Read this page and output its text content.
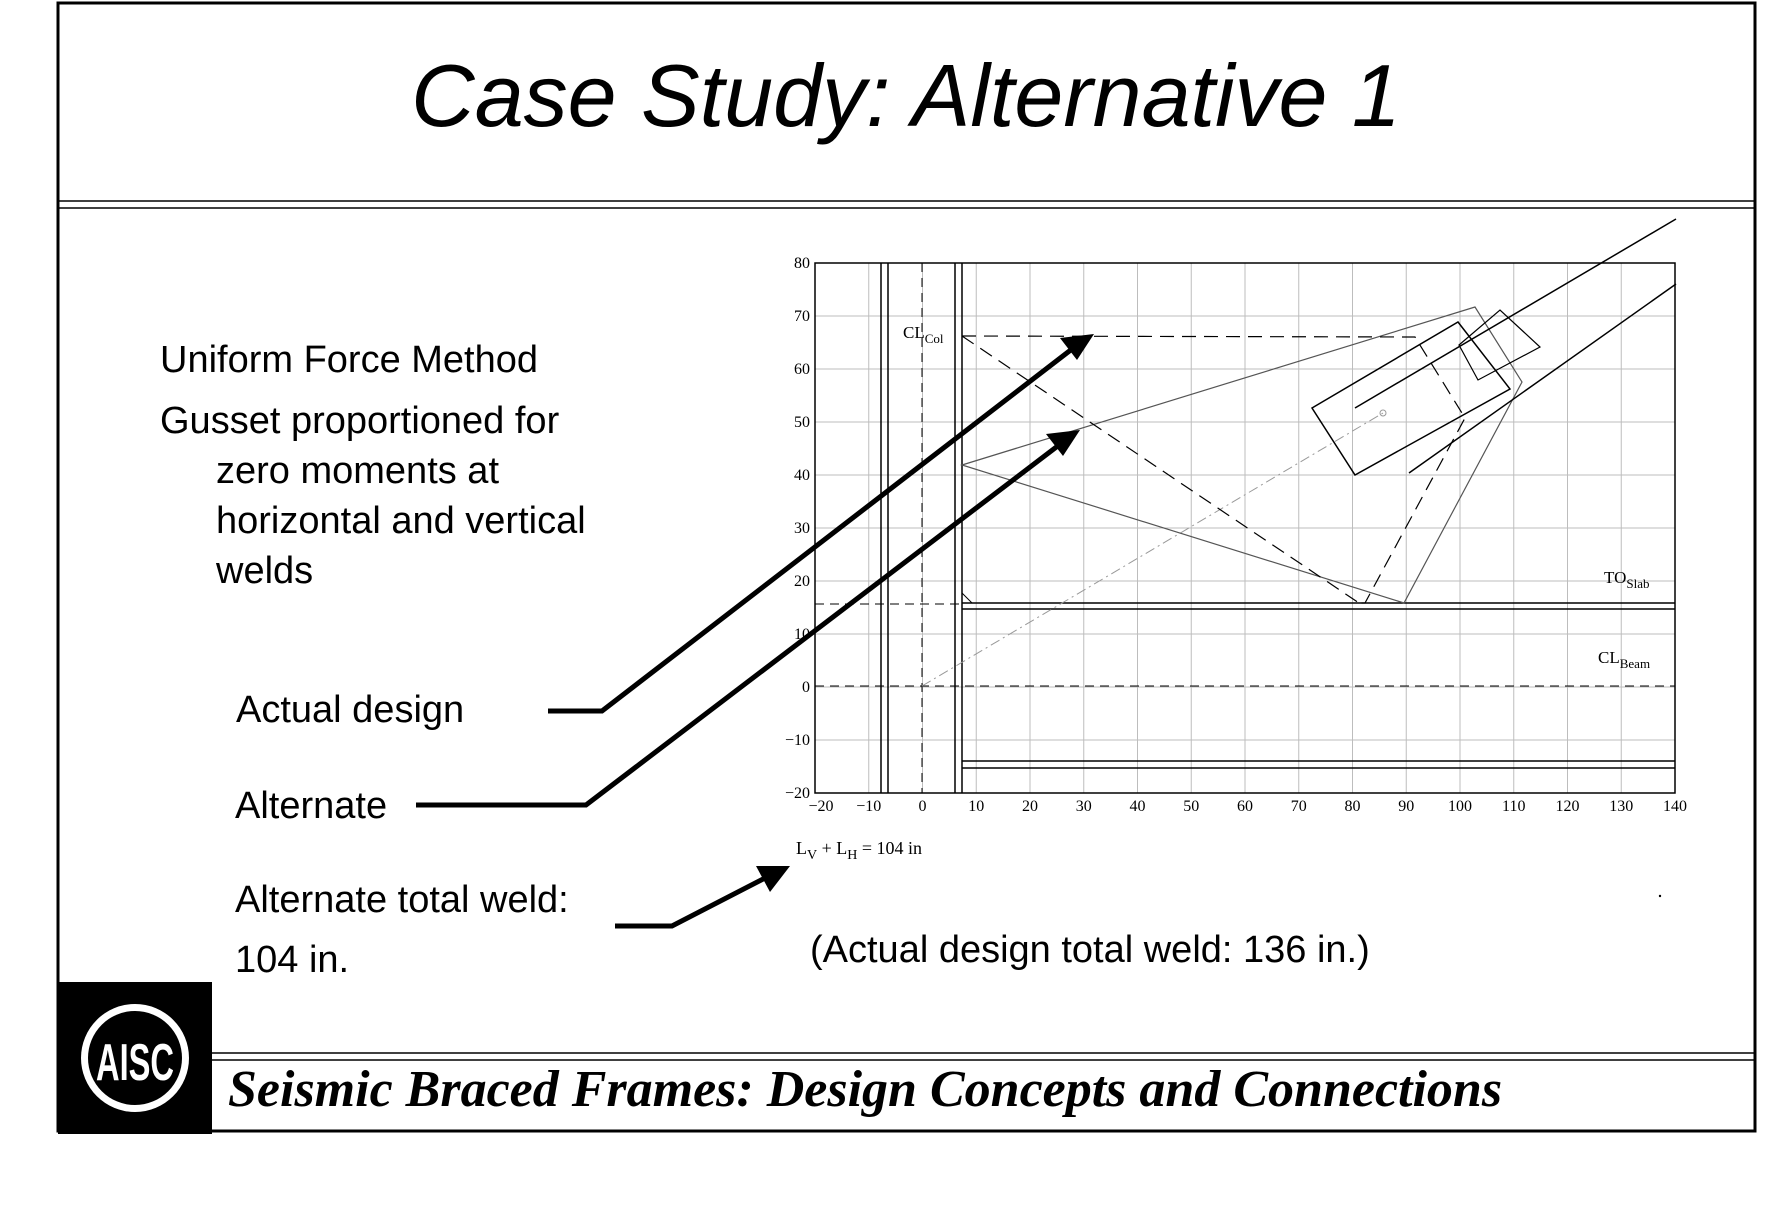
Case Study: Alternative 1
Uniform Force Method
Gusset proportioned for
zero moments at
horizontal and vertical
welds
Actual design
Alternate
Alternate total weld:
104 in.	(Actual design total weld: 136 in.)
−20 −10 0	10 20 30 40 50 60 70 80 90 100 110 120 130 140
80
70
60
50
40
30
20
10
0
−10
−20
$CL_{Col}$
$TO_{Slab}$
$CL_{Beam}$
$L_V + L_H = 104$ in
AISC Seismic Braced Frames: Design Concepts and Connections
